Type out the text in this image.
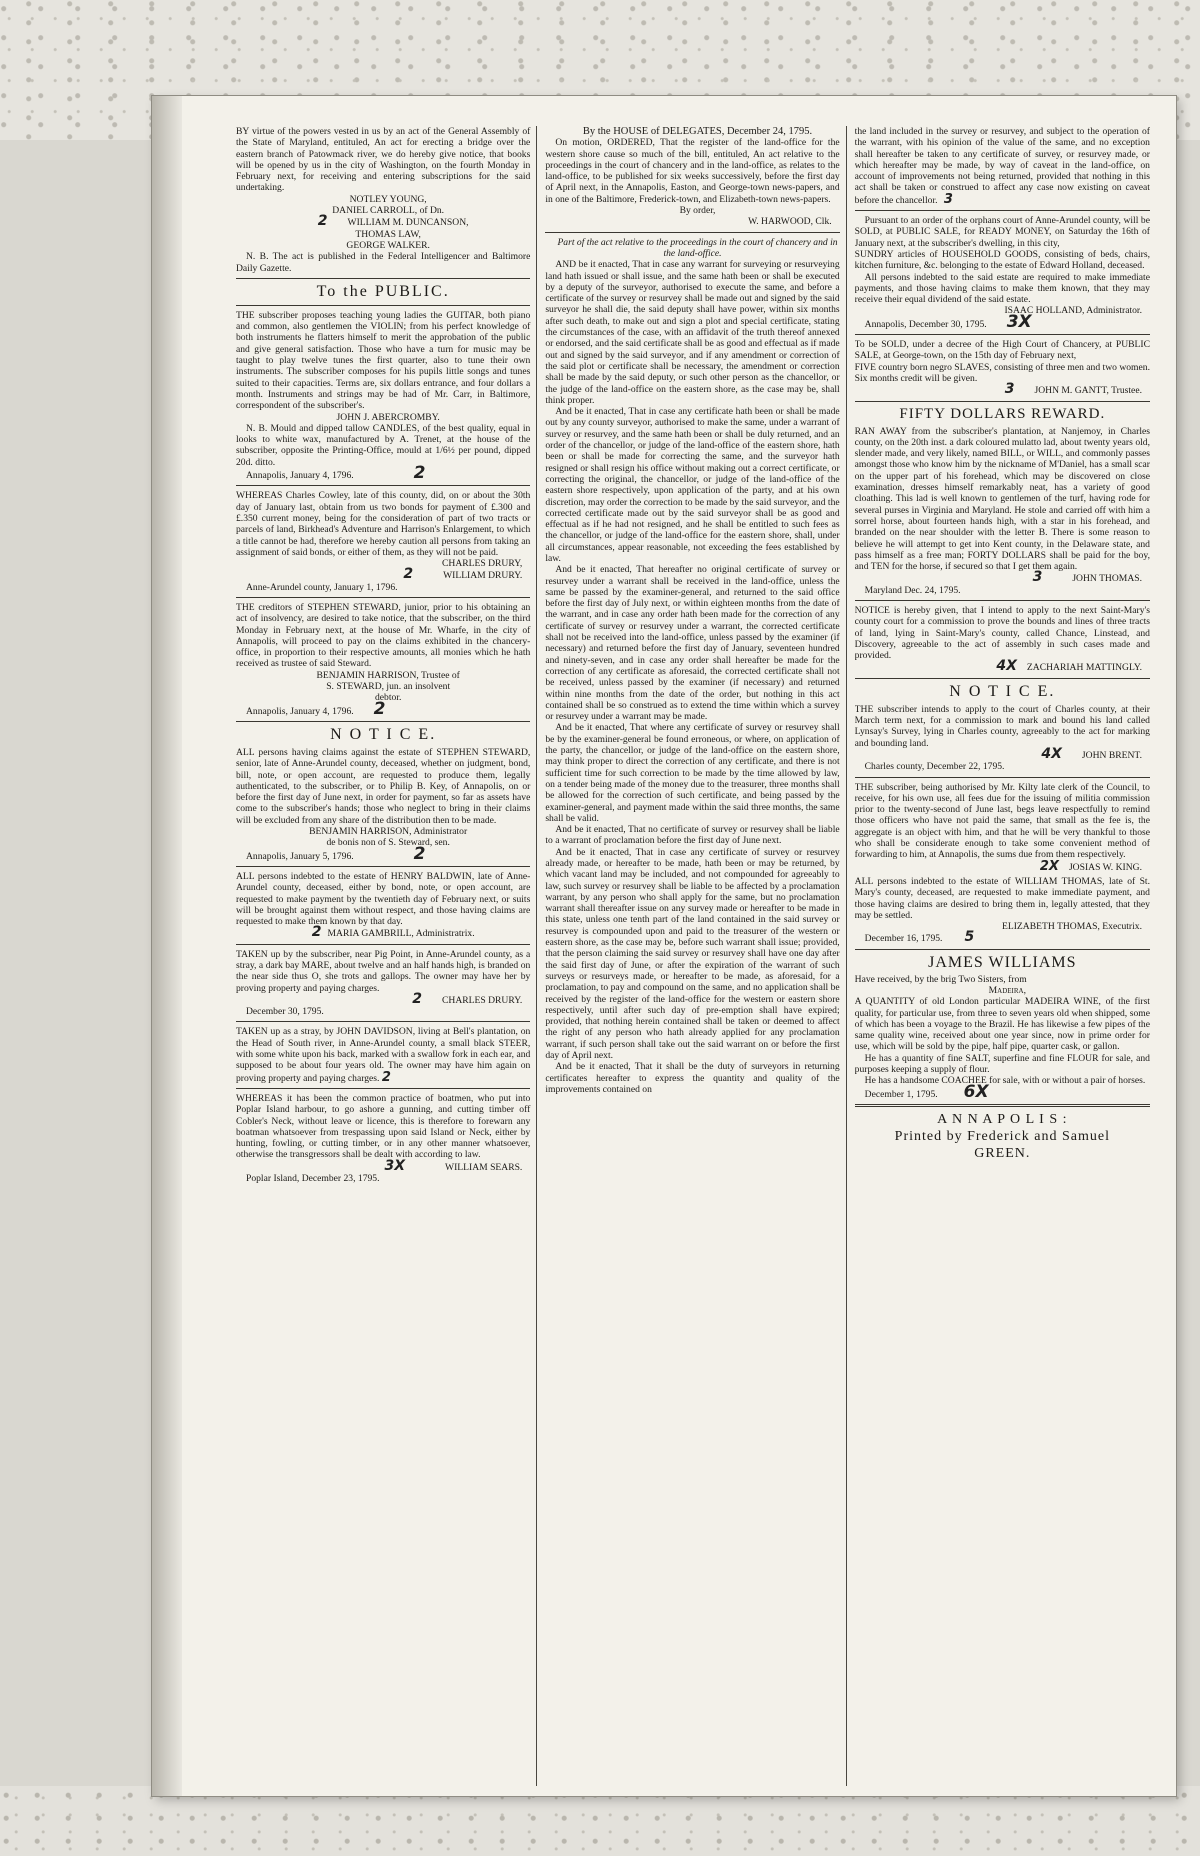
BY virtue of the powers vested in us by an act of the General Assembly of the State of Maryland, entituled, An act for erecting a bridge over the eastern branch of Patowmack river, we do hereby give notice, that books will be opened by us in the city of Washington, on the fourth Monday in February next, for receiving and entering subscriptions for the said undertaking.

NOTLEY YOUNG,

DANIEL CARROLL, of Dn.

2 WILLIAM M. DUNCANSON,

THOMAS LAW,

GEORGE WALKER.

N. B. The act is published in the Federal Intelligencer and Baltimore Daily Gazette.

To the PUBLIC.

THE subscriber proposes teaching young ladies the GUITAR, both piano and common, also gentlemen the VIOLIN; from his perfect knowledge of both instruments he flatters himself to merit the approbation of the public and give general satisfaction. Those who have a turn for music may be taught to play twelve tunes the first quarter, also to tune their own instruments. The subscriber composes for his pupils little songs and tunes suited to their capacities. Terms are, six dollars entrance, and four dollars a month. Instruments and strings may be had of Mr. Carr, in Baltimore, correspondent of the subscriber's.

JOHN J. ABERCROMBY.

N. B. Mould and dipped tallow CANDLES, of the best quality, equal in looks to white wax, manufactured by A. Trenet, at the house of the subscriber, opposite the Printing-Office, mould at 1/6½ per pound, dipped 20d. ditto.

Annapolis, January 4, 1796.	2

WHEREAS Charles Cowley, late of this county, did, on or about the 30th day of January last, obtain from us two bonds for payment of £.300 and £.350 current money, being for the consideration of part of two tracts or parcels of land, Birkhead's Adventure and Harrison's Enlargement, to which a title cannot be had, therefore we hereby caution all persons from taking an assignment of said bonds, or either of them, as they will not be paid.

CHARLES DRURY,

2	WILLIAM DRURY.

Anne-Arundel county, January 1, 1796.

THE creditors of STEPHEN STEWARD, junior, prior to his obtaining an act of insolvency, are desired to take notice, that the subscriber, on the third Monday in February next, at the house of Mr. Wharfe, in the city of Annapolis, will proceed to pay on the claims exhibited in the chancery-office, in proportion to their respective amounts, all monies which he hath received as trustee of said Steward.

BENJAMIN HARRISON, Trustee of

S. STEWARD, jun. an insolvent

debtor.

Annapolis, January 4, 1796. 2

N O T I C E.

ALL persons having claims against the estate of STEPHEN STEWARD, senior, late of Anne-Arundel county, deceased, whether on judgment, bond, bill, note, or open account, are requested to produce them, legally authenticated, to the subscriber, or to Philip B. Key, of Annapolis, on or before the first day of June next, in order for payment, so far as assets have come to the subscriber's hands; those who neglect to bring in their claims will be excluded from any share of the distribution then to be made.

BENJAMIN HARRISON, Administrator

de bonis non of S. Steward, sen.

Annapolis, January 5, 1796.	2

ALL persons indebted to the estate of HENRY BALDWIN, late of Anne-Arundel county, deceased, either by bond, note, or open account, are requested to make payment by the twentieth day of February next, or suits will be brought against them without respect, and those having claims are requested to make them known by that day.

2 MARIA GAMBRILL, Administratrix.

TAKEN up by the subscriber, near Pig Point, in Anne-Arundel county, as a stray, a dark bay MARE, about twelve and an half hands high, is branded on the near side thus O, she trots and gallops. The owner may have her by proving property and paying charges.

2 CHARLES DRURY.

December 30, 1795.

TAKEN up as a stray, by JOHN DAVIDSON, living at Bell's plantation, on the Head of South river, in Anne-Arundel county, a small black STEER, with some white upon his back, marked with a swallow fork in each ear, and supposed to be about four years old. The owner may have him again on proving property and paying charges. 2

WHEREAS it has been the common practice of boatmen, who put into Poplar Island harbour, to go ashore a gunning, and cutting timber off Cobler's Neck, without leave or licence, this is therefore to forewarn any boatman whatsoever from trespassing upon said Island or Neck, either by hunting, fowling, or cutting timber, or in any other manner whatsoever, otherwise the transgressors shall be dealt with according to law.

3X	WILLIAM SEARS.

Poplar Island, December 23, 1795.

By the HOUSE of DELEGATES, December 24, 1795.

On motion, ORDERED, That the register of the land-office for the western shore cause so much of the bill, entituled, An act relative to the proceedings in the court of chancery and in the land-office, as relates to the land-office, to be published for six weeks successively, before the first day of April next, in the Annapolis, Easton, and George-town news-papers, and in one of the Baltimore, Frederick-town, and Elizabeth-town news-papers.

By order,

W. HARWOOD, Clk.

Part of the act relative to the proceedings in the court of chancery and in the land-office.

AND be it enacted, That in case any warrant for surveying or resurveying land hath issued or shall issue, and the same hath been or shall be executed by a deputy of the surveyor, authorised to execute the same, and before a certificate of the survey or resurvey shall be made out and signed by the said surveyor he shall die, the said deputy shall have power, within six months after such death, to make out and sign a plot and special certificate, stating the circumstances of the case, with an affidavit of the truth thereof annexed or endorsed, and the said certificate shall be as good and effectual as if made out and signed by the said surveyor, and if any amendment or correction of the said plot or certificate shall be necessary, the amendment or correction shall be made by the said deputy, or such other person as the chancellor, or the judge of the land-office on the eastern shore, as the case may be, shall think proper.

And be it enacted, That in case any certificate hath been or shall be made out by any county surveyor, authorised to make the same, under a warrant of survey or resurvey, and the same hath been or shall be duly returned, and an order of the chancellor, or judge of the land-office of the eastern shore, hath been or shall be made for correcting the same, and the surveyor hath resigned or shall resign his office without making out a correct certificate, or correcting the original, the chancellor, or judge of the land-office of the eastern shore respectively, upon application of the party, and at his own discretion, may order the correction to be made by the said surveyor, and the corrected certificate made out by the said surveyor shall be as good and effectual as if he had not resigned, and he shall be entitled to such fees as the chancellor, or judge of the land-office for the eastern shore, shall, under all circumstances, appear reasonable, not exceeding the fees established by law.

And be it enacted, That hereafter no original certificate of survey or resurvey under a warrant shall be received in the land-office, unless the same be passed by the examiner-general, and returned to the said office before the first day of July next, or within eighteen months from the date of the warrant, and in case any order hath been made for the correction of any certificate of survey or resurvey under a warrant, the corrected certificate shall not be received into the land-office, unless passed by the examiner (if necessary) and returned before the first day of January, seventeen hundred and ninety-seven, and in case any order shall hereafter be made for the correction of any certificate as aforesaid, the corrected certificate shall not be received, unless passed by the examiner (if necessary) and returned within nine months from the date of the order, but nothing in this act contained shall be so construed as to extend the time within which a survey or resurvey under a warrant may be made.

And be it enacted, That where any certificate of survey or resurvey shall be by the examiner-general be found erroneous, or where, on application of the party, the chancellor, or judge of the land-office on the eastern shore, may think proper to direct the correction of any certificate, and there is not sufficient time for such correction to be made by the time allowed by law, on a tender being made of the money due to the treasurer, three months shall be allowed for the correction of such certificate, and being passed by the examiner-general, and payment made within the said three months, the same shall be valid.

And be it enacted, That no certificate of survey or resurvey shall be liable to a warrant of proclamation before the first day of June next.

And be it enacted, That in case any certificate of survey or resurvey already made, or hereafter to be made, hath been or may be returned, by which vacant land may be included, and not compounded for agreeably to law, such survey or resurvey shall be liable to be affected by a proclamation warrant, by any person who shall apply for the same, but no proclamation warrant shall thereafter issue on any survey made or hereafter to be made in this state, unless one tenth part of the land contained in the said survey or resurvey is compounded upon and paid to the treasurer of the western or eastern shore, as the case may be, before such warrant shall issue; provided, that the person claiming the said survey or resurvey shall have one day after the said first day of June, or after the expiration of the warrant of such surveys or resurveys made, or hereafter to be made, as aforesaid, for a proclamation, to pay and compound on the same, and no application shall be received by the register of the land-office for the western or eastern shore respectively, until after such day of pre-emption shall have expired; provided, that nothing herein contained shall be taken or deemed to affect the right of any person who hath already applied for any proclamation warrant, if such person shall take out the said warrant on or before the first day of April next.

And be it enacted, That it shall be the duty of surveyors in returning certificates hereafter to express the quantity and quality of the improvements contained on

the land included in the survey or resurvey, and subject to the operation of the warrant, with his opinion of the value of the same, and no exception shall hereafter be taken to any certificate of survey, or resurvey made, or which hereafter may be made, by way of caveat in the land-office, on account of improvements not being returned, provided that nothing in this act shall be taken or construed to affect any case now existing on caveat before the chancellor. 3

Pursuant to an order of the orphans court of Anne-Arundel county, will be SOLD, at PUBLIC SALE, for READY MONEY, on Saturday the 16th of January next, at the subscriber's dwelling, in this city,

SUNDRY articles of HOUSEHOLD GOODS, consisting of beds, chairs, kitchen furniture, &c. belonging to the estate of Edward Holland, deceased.

All persons indebted to the said estate are required to make immediate payments, and those having claims to make them known, that they may receive their equal dividend of the said estate.

ISAAC HOLLAND, Administrator.

Annapolis, December 30, 1795. 3X

To be SOLD, under a decree of the High Court of Chancery, at PUBLIC SALE, at George-town, on the 15th day of February next,

FIVE country born negro SLAVES, consisting of three men and two women. Six months credit will be given.

3 JOHN M. GANTT, Trustee.

FIFTY DOLLARS REWARD.

RAN AWAY from the subscriber's plantation, at Nanjemoy, in Charles county, on the 20th inst. a dark coloured mulatto lad, about twenty years old, slender made, and very likely, named BILL, or WILL, and commonly passes amongst those who know him by the nickname of M'Daniel, has a small scar on the upper part of his forehead, which may be discovered on close examination, dresses himself remarkably neat, has a variety of good cloathing. This lad is well known to gentlemen of the turf, having rode for several purses in Virginia and Maryland. He stole and carried off with him a sorrel horse, about fourteen hands high, with a star in his forehead, and branded on the near shoulder with the letter B. There is some reason to believe he will attempt to get into Kent county, in the Delaware state, and pass himself as a free man; FORTY DOLLARS shall be paid for the boy, and TEN for the horse, if secured so that I get them again.

3	JOHN THOMAS.

Maryland Dec. 24, 1795.

NOTICE is hereby given, that I intend to apply to the next Saint-Mary's county court for a commission to prove the bounds and lines of three tracts of land, lying in Saint-Mary's county, called Chance, Linstead, and Discovery, agreeable to the act of assembly in such cases made and provided.

4X ZACHARIAH MATTINGLY.

N O T I C E.

THE subscriber intends to apply to the court of Charles county, at their March term next, for a commission to mark and bound his land called Lynsay's Survey, lying in Charles county, agreeably to the act for marking and bounding land.

4X JOHN BRENT.

Charles county, December 22, 1795.

THE subscriber, being authorised by Mr. Kilty late clerk of the Council, to receive, for his own use, all fees due for the issuing of militia commission prior to the twenty-second of June last, begs leave respectfully to remind those officers who have not paid the same, that small as the fee is, the aggregate is an object with him, and that he will be very thankful to those who shall be considerate enough to take some convenient method of forwarding to him, at Annapolis, the sums due from them respectively.

2X JOSIAS W. KING.

ALL persons indebted to the estate of WILLIAM THOMAS, late of St. Mary's county, deceased, are requested to make immediate payment, and those having claims are desired to bring them in, legally attested, that they may be settled.

ELIZABETH THOMAS, Executrix.

December 16, 1795. 5

JAMES WILLIAMS

Have received, by the brig Two Sisters, from

Madeira,

A QUANTITY of old London particular MADEIRA WINE, of the first quality, for particular use, from three to seven years old when shipped, some of which has been a voyage to the Brazil. He has likewise a few pipes of the same quality wine, received about one year since, now in prime order for use, which will be sold by the pipe, half pipe, quarter cask, or gallon.

He has a quantity of fine SALT, superfine and fine FLOUR for sale, and purposes keeping a supply of flour.

He has a handsome COACHEE for sale, with or without a pair of horses.

December 1, 1795. 6X

A N N A P O L I S :
Printed by Frederick and Samuel
GREEN.
